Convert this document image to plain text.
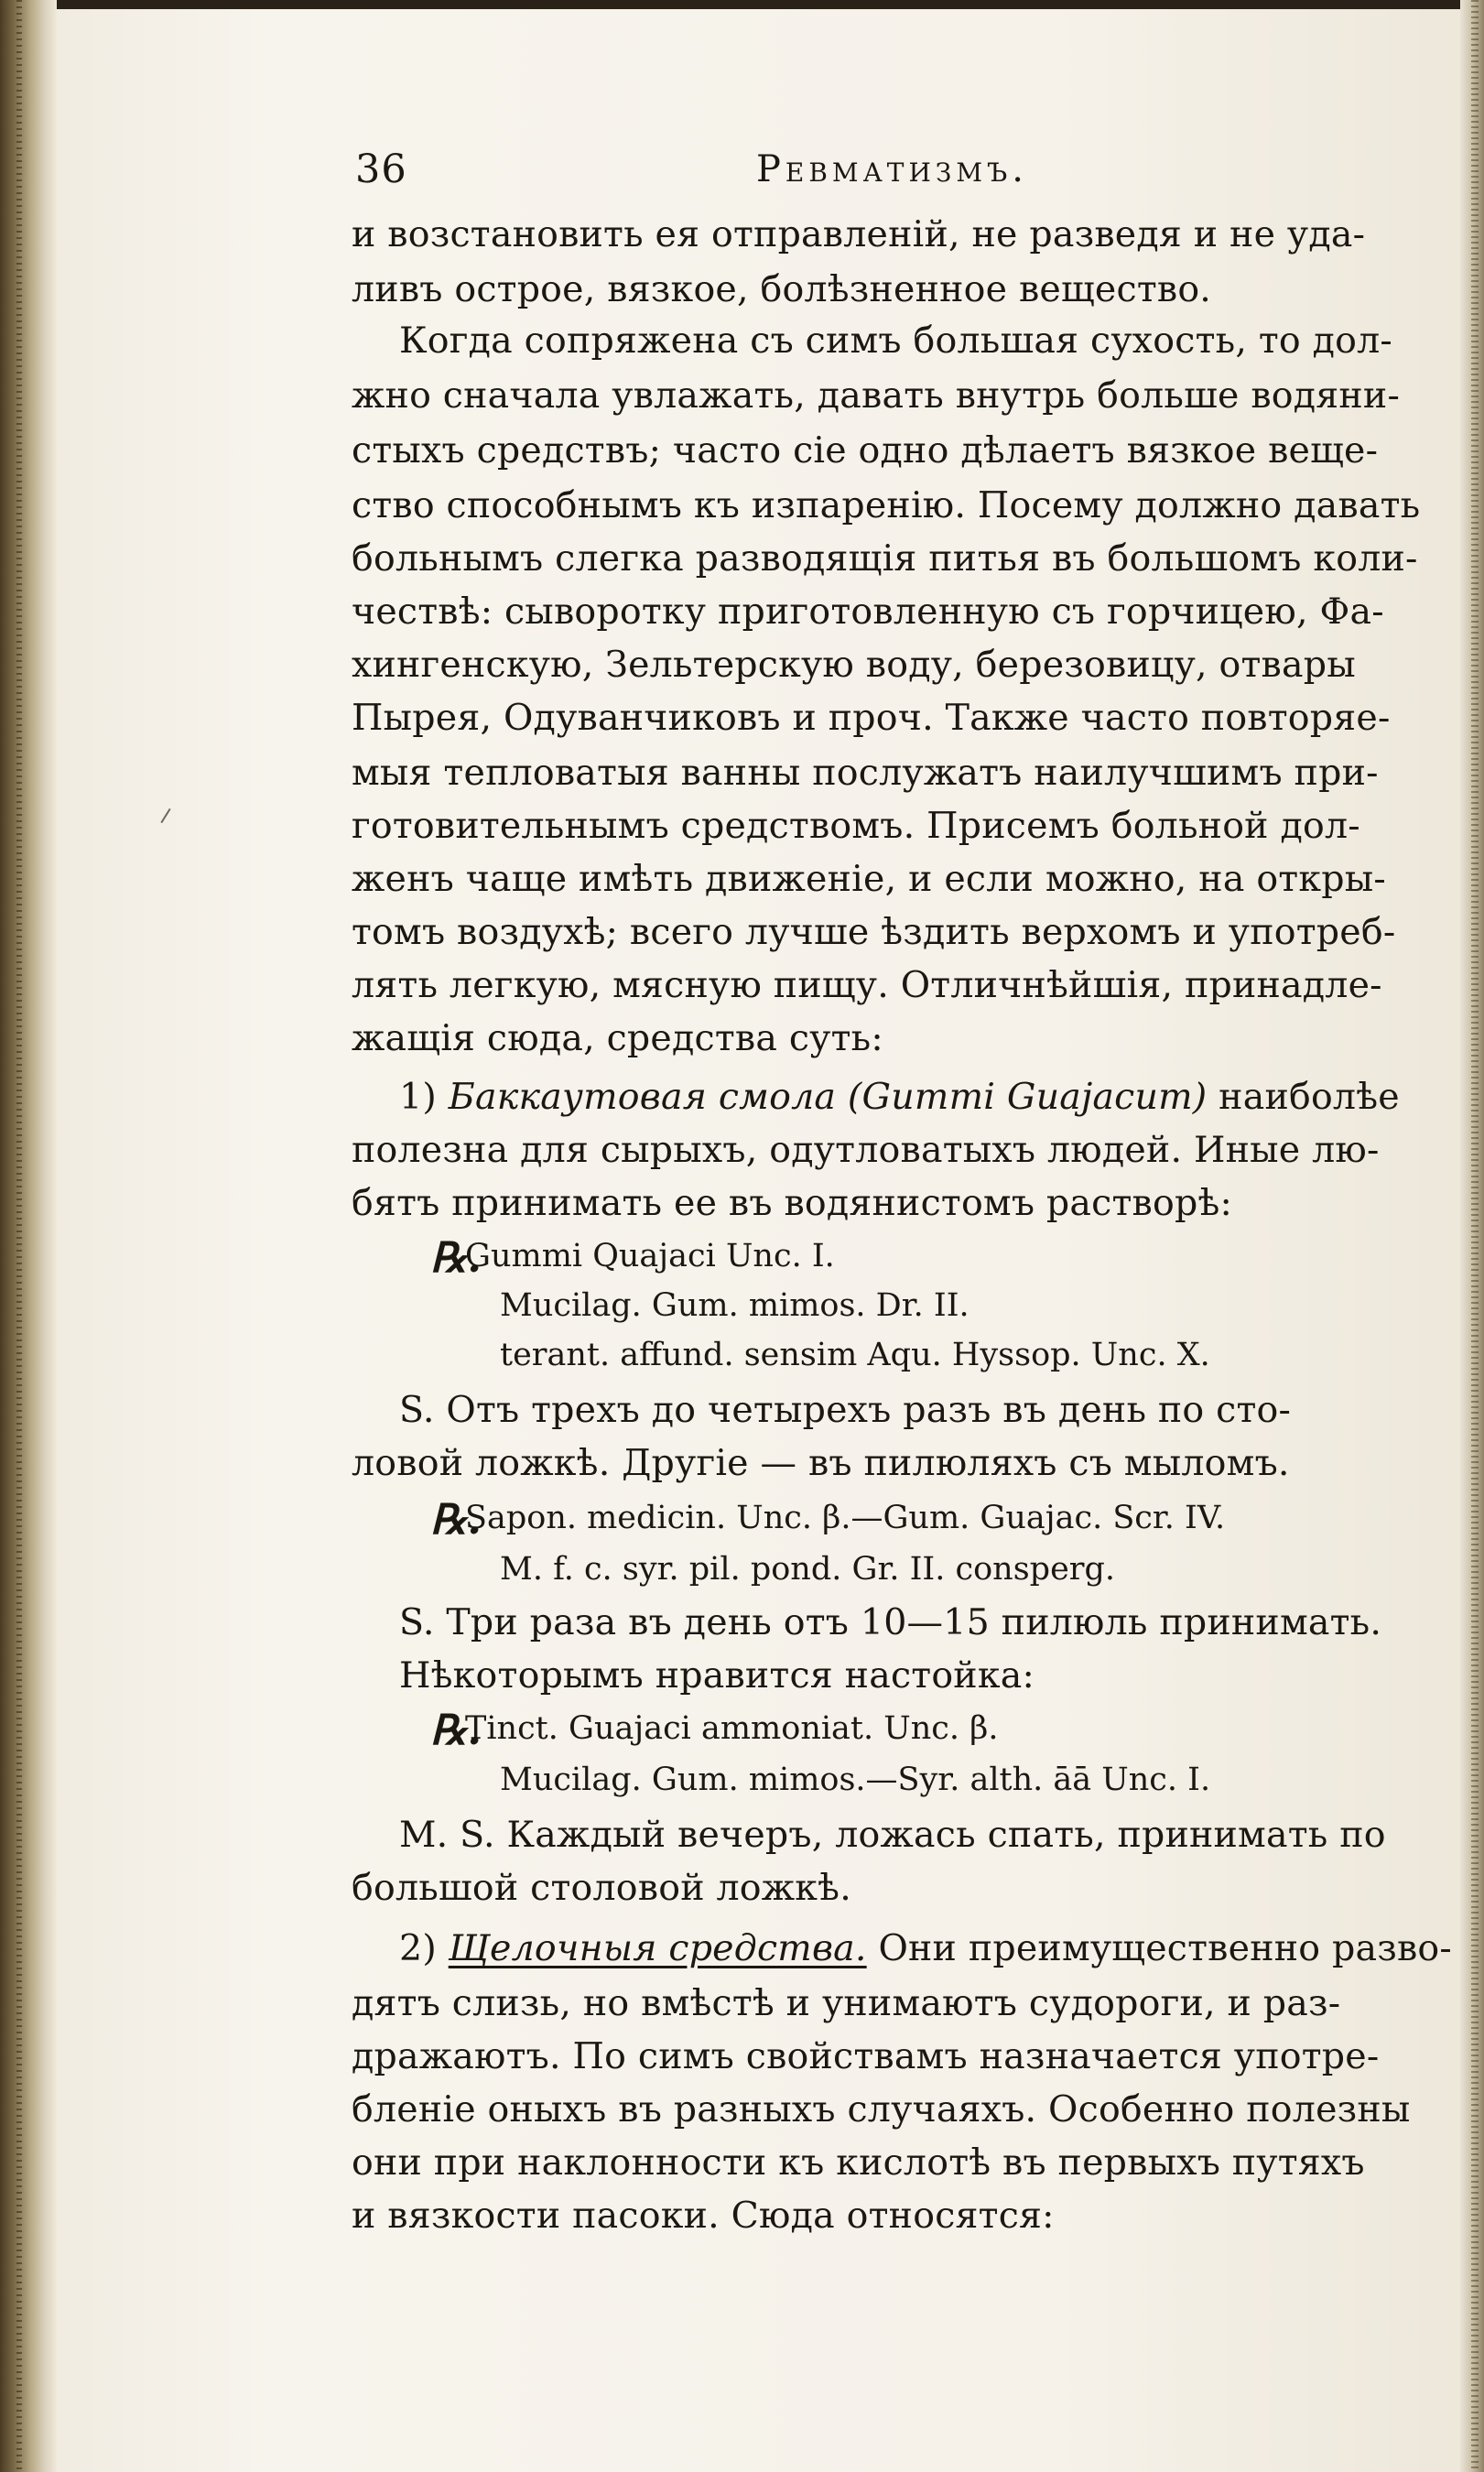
36	Ревматизмъ.
и возстановить ея отправленій, не разведя и не уда-
ливъ острое, вязкое, болѣзненное вещество.
Когда сопряжена съ симъ большая сухость, то дол-
жно сначала увлажать, давать внутрь больше водяни-
стыхъ средствъ; часто сіе одно дѣлаетъ вязкое веще-
ство способнымъ къ изпаренію. Посему должно давать
больнымъ слегка разводящія питья въ большомъ коли-
чествѣ: сыворотку приготовленную съ горчицею, Фа-
хингенскую, Зельтерскую воду, березовицу, отвары
Пырея, Одуванчиковъ и проч. Также часто повторяе-
мыя тепловатыя ванны послужатъ наилучшимъ при-
готовительнымъ средствомъ. Присемъ больной дол-
женъ чаще имѣть движеніе, и если можно, на откры-
томъ воздухѣ; всего лучше ѣздить верхомъ и употреб-
лять легкую, мясную пищу. Отличнѣйшія, принадле-
жащія сюда, средства суть:
1) Баккаутовая смола (Gummi Guajacum) наиболѣе
полезна для сырыхъ, одутловатыхъ людей. Иные лю-
бятъ принимать ее въ водянистомъ растворѣ:
℞.
Gummi Quajaci Unc. I.
Mucilag. Gum. mimos. Dr. II.
terant. affund. sensim Aqu. Hyssop. Unc. X.
S. Отъ трехъ до четырехъ разъ въ день по сто-
ловой ложкѣ. Другіе — въ пилюляхъ съ мыломъ.
℞.
Sapon. medicin. Unc. β.—Gum. Guajac. Scr. IV.
M. f. c. syr. pil. pond. Gr. II. consperg.
S. Три раза въ день отъ 10—15 пилюль принимать.
Нѣкоторымъ нравится настойка:
℞.
Tinct. Guajaci ammoniat. Unc. β.
Mucilag. Gum. mimos.—Syr. alth. āā Unc. I.
M. S. Каждый вечеръ, ложась спать, принимать по
большой столовой ложкѣ.
2) Щелочныя средства. Они преимущественно разво-
дятъ слизь, но вмѣстѣ и унимаютъ судороги, и раз-
дражаютъ. По симъ свойствамъ назначается употре-
бленіе оныхъ въ разныхъ случаяхъ. Особенно полезны
они при наклонности къ кислотѣ въ первыхъ путяхъ
и вязкости пасоки. Сюда относятся:
